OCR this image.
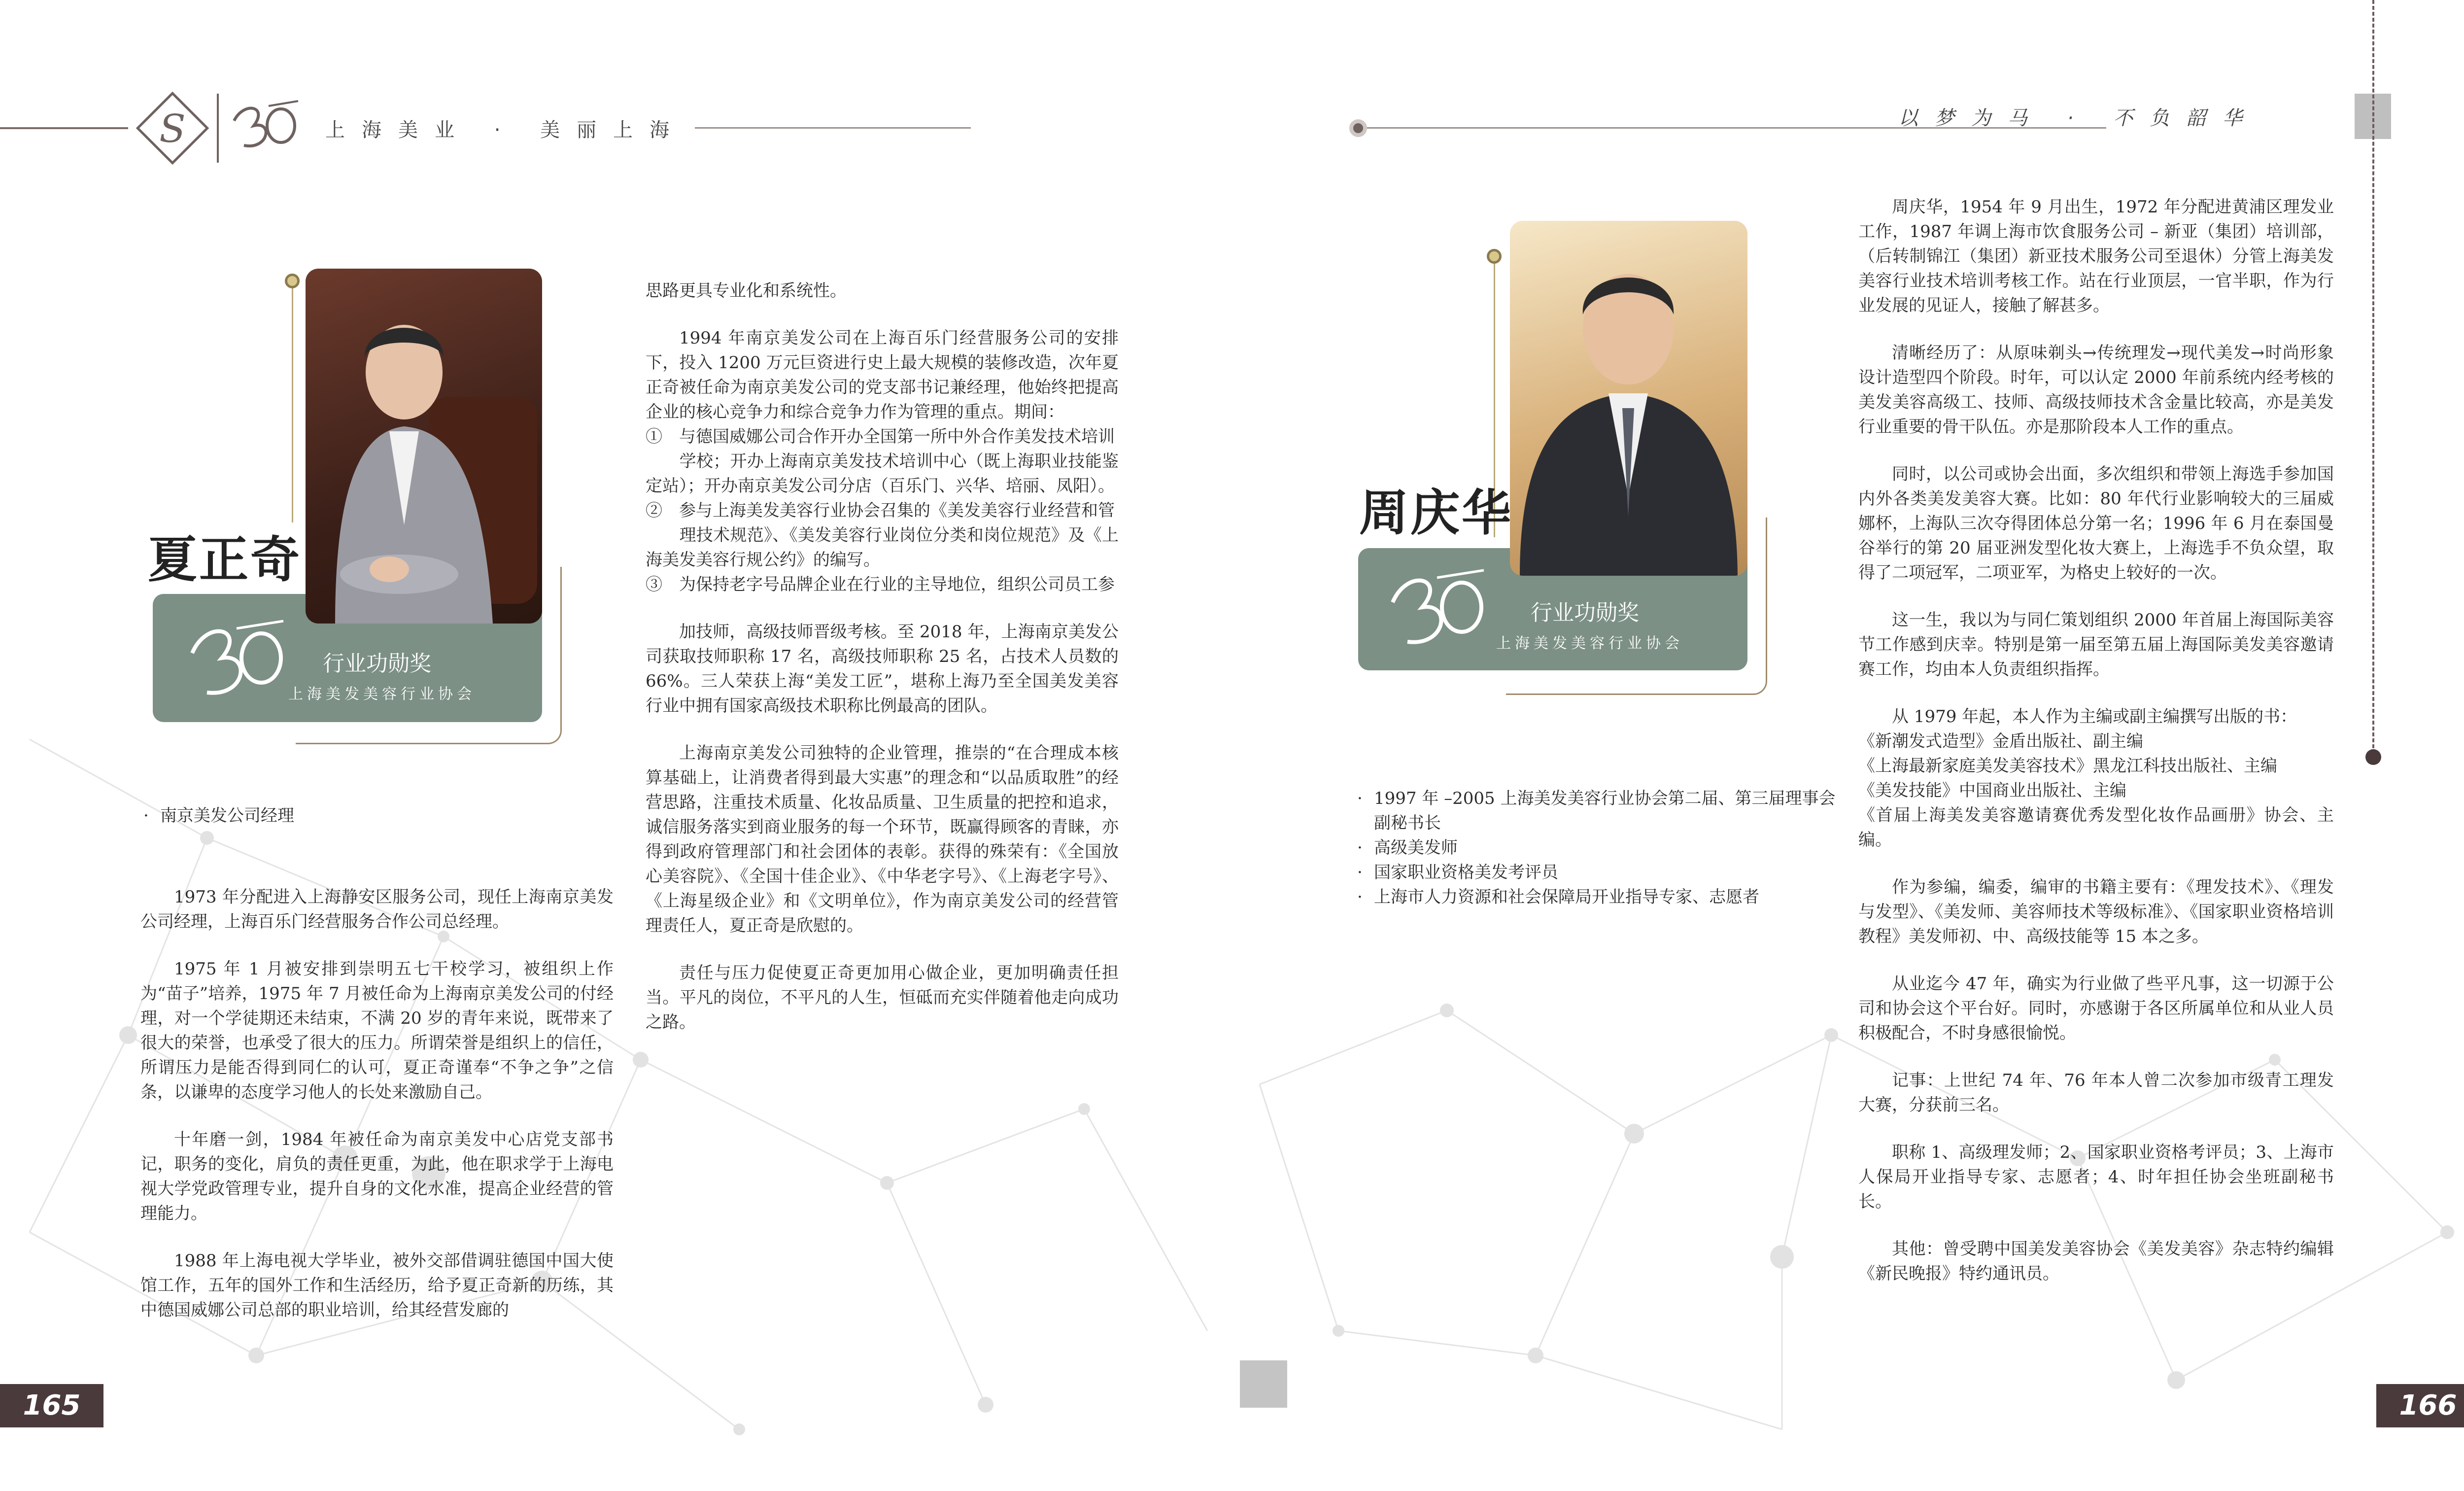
S	上海美业 · 美丽上海
行业功勋奖
上海美发美容行业协会
夏正奇
· 南京美发公司经理

1973 年分配进入上海静安区服务公司，现任上海南京美发公司经理，上海百乐门经营服务合作公司总经理。

1975 年 1 月被安排到崇明五七干校学习，被组织上作为“苗子”培养，1975 年 7 月被任命为上海南京美发公司的付经理，对一个学徒期还未结束，不满 20 岁的青年来说，既带来了很大的荣誉，也承受了很大的压力。所谓荣誉是组织上的信任，所谓压力是能否得到同仁的认可，夏正奇谨奉“不争之争”之信条，以谦卑的态度学习他人的长处来激励自己。

十年磨一剑，1984 年被任命为南京美发中心店党支部书记，职务的变化，肩负的责任更重，为此，他在职求学于上海电视大学党政管理专业，提升自身的文化水准，提高企业经营的管理能力。

1988 年上海电视大学毕业，被外交部借调驻德国中国大使馆工作，五年的国外工作和生活经历，给予夏正奇新的历练，其中德国威娜公司总部的职业培训，给其经营发廊的

思路更具专业化和系统性。

1994 年南京美发公司在上海百乐门经营服务公司的安排下，投入 1200 万元巨资进行史上最大规模的装修改造，次年夏正奇被任命为南京美发公司的党支部书记兼经理，他始终把提高企业的核心竞争力和综合竞争力作为管理的重点。期间：

①　与德国威娜公司合作开办全国第一所中外合作美发技术培训

　　学校；开办上海南京美发技术培训中心（既上海职业技能鉴定站）；开办南京美发公司分店（百乐门、兴华、培丽、凤阳）。

②　参与上海美发美容行业协会召集的《美发美容行业经营和管

　　理技术规范》、《美发美容行业岗位分类和岗位规范》及《上海美发美容行规公约》的编写。

③　为保持老字号品牌企业在行业的主导地位，组织公司员工参

加技师，高级技师晋级考核。至 2018 年，上海南京美发公司获取技师职称 17 名，高级技师职称 25 名，占技术人员数的 66%。三人荣获上海“美发工匠”，堪称上海乃至全国美发美容行业中拥有国家高级技术职称比例最高的团队。

上海南京美发公司独特的企业管理，推崇的“在合理成本核算基础上，让消费者得到最大实惠”的理念和“以品质取胜”的经营思路，注重技术质量、化妆品质量、卫生质量的把控和追求，诚信服务落实到商业服务的每一个环节，既赢得顾客的青睐，亦得到政府管理部门和社会团体的表彰。获得的殊荣有：《全国放心美容院》、《全国十佳企业》、《中华老字号》、《上海老字号》、《上海星级企业》和《文明单位》，作为南京美发公司的经营管理责任人，夏正奇是欣慰的。

责任与压力促使夏正奇更加用心做企业，更加明确责任担当。平凡的岗位，不平凡的人生，恒砥而充实伴随着他走向成功之路。

165
以梦为马 · 不负韶华
行业功勋奖
上海美发美容行业协会
周庆华
· 1997 年 –2005 上海美发美容行业协会第二届、第三届理事会副秘书长
· 高级美发师
· 国家职业资格美发考评员
· 上海市人力资源和社会保障局开业指导专家、志愿者

周庆华，1954 年 9 月出生，1972 年分配进黄浦区理发业工作，1987 年调上海市饮食服务公司 – 新亚（集团）培训部，（后转制锦江（集团）新亚技术服务公司至退休）分管上海美发美容行业技术培训考核工作。站在行业顶层，一官半职，作为行业发展的见证人，接触了解甚多。

清晰经历了：从原味剃头→传统理发→现代美发→时尚形象设计造型四个阶段。时年，可以认定 2000 年前系统内经考核的美发美容高级工、技师、高级技师技术含金量比较高，亦是美发行业重要的骨干队伍。亦是那阶段本人工作的重点。

同时，以公司或协会出面，多次组织和带领上海选手参加国内外各类美发美容大赛。比如：80 年代行业影响较大的三届威娜杯，上海队三次夺得团体总分第一名；1996 年 6 月在泰国曼谷举行的第 20 届亚洲发型化妆大赛上，上海选手不负众望，取得了二项冠军，二项亚军，为格史上较好的一次。

这一生，我以为与同仁策划组织 2000 年首届上海国际美容节工作感到庆幸。特别是第一届至第五届上海国际美发美容邀请赛工作，均由本人负责组织指挥。

从 1979 年起，本人作为主编或副主编撰写出版的书：

《新潮发式造型》金盾出版社、副主编

《上海最新家庭美发美容技术》黑龙江科技出版社、主编

《美发技能》中国商业出版社、主编

《首届上海美发美容邀请赛优秀发型化妆作品画册》协会、主编。

作为参编，编委，编审的书籍主要有：《理发技术》、《理发与发型》、《美发师、美容师技术等级标准》、《国家职业资格培训教程》美发师初、中、高级技能等 15 本之多。

从业迄今 47 年，确实为行业做了些平凡事，这一切源于公司和协会这个平台好。同时，亦感谢于各区所属单位和从业人员积极配合，不时身感很愉悦。

记事：上世纪 74 年、76 年本人曾二次参加市级青工理发大赛，分获前三名。

职称 1、高级理发师；2、国家职业资格考评员；3、上海市人保局开业指导专家、志愿者；4、时年担任协会坐班副秘书长。

其他：曾受聘中国美发美容协会《美发美容》杂志特约编辑《新民晚报》特约通讯员。

166
